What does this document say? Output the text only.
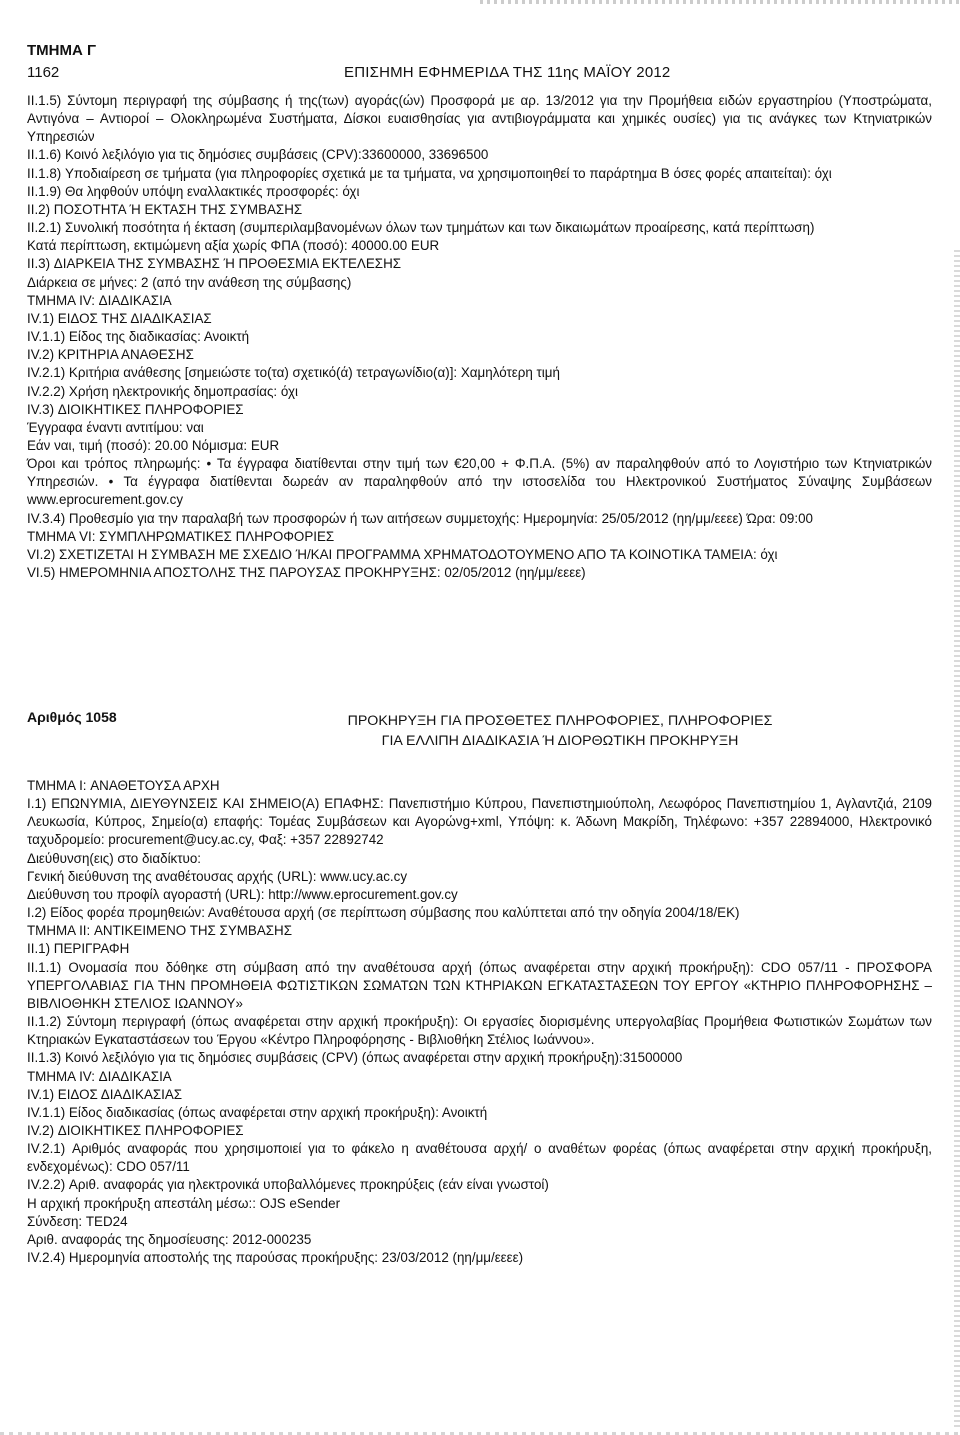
ΤΜΗΜΑ Γ
1162	ΕΠΙΣΗΜΗ ΕΦΗΜΕΡΙΔΑ ΤΗΣ 11ης ΜΑΪΟΥ 2012

II.1.5) Σύντομη περιγραφή της σύμβασης ή της(των) αγοράς(ών) Προσφορά με αρ. 13/2012 για την Προμήθεια ειδών εργαστηρίου (Υποστρώματα, Αντιγόνα – Αντιοροί – Ολοκληρωμένα Συστήματα, Δίσκοι ευαισθησίας για αντιβιογράμματα και χημικές ουσίες) για τις ανάγκες των Κτηνιατρικών Υπηρεσιών

II.1.6) Κοινό λεξιλόγιο για τις δημόσιες συμβάσεις (CPV):33600000, 33696500

II.1.8) Υποδιαίρεση σε τμήματα (για πληροφορίες σχετικά με τα τμήματα, να χρησιμοποιηθεί το παράρτημα Β όσες φορές απαιτείται): όχι

II.1.9) Θα ληφθούν υπόψη εναλλακτικές προσφορές: όχι

II.2) ΠΟΣΟΤΗΤΑ Ή ΕΚΤΑΣΗ ΤΗΣ ΣΥΜΒΑΣΗΣ

II.2.1) Συνολική ποσότητα ή έκταση (συμπεριλαμβανομένων όλων των τμημάτων και των δικαιωμάτων προαίρεσης, κατά περίπτωση)

Κατά περίπτωση, εκτιμώμενη αξία χωρίς ΦΠΑ (ποσό): 40000.00 EUR

II.3) ΔΙΑΡΚΕΙΑ ΤΗΣ ΣΥΜΒΑΣΗΣ Ή ΠΡΟΘΕΣΜΙΑ ΕΚΤΕΛΕΣΗΣ

Διάρκεια σε μήνες: 2 (από την ανάθεση της σύμβασης)

ΤΜΗΜΑ IV: ΔΙΑΔΙΚΑΣΙΑ

IV.1) ΕΙΔΟΣ ΤΗΣ ΔΙΑΔΙΚΑΣΙΑΣ

IV.1.1) Είδος της διαδικασίας: Ανοικτή

IV.2) ΚΡΙΤΗΡΙΑ ΑΝΑΘΕΣΗΣ

IV.2.1) Κριτήρια ανάθεσης [σημειώστε το(τα) σχετικό(ά) τετραγωνίδιο(α)]: Χαμηλότερη τιμή

IV.2.2) Χρήση ηλεκτρονικής δημοπρασίας: όχι

IV.3) ΔΙΟΙΚΗΤΙΚΕΣ ΠΛΗΡΟΦΟΡΙΕΣ

Έγγραφα έναντι αντιτίμου: ναι

Εάν ναι, τιμή (ποσό): 20.00 Νόμισμα: EUR

Όροι και τρόπος πληρωμής: • Τα έγγραφα διατίθενται στην τιμή των €20,00 + Φ.Π.Α. (5%) αν παραληφθούν από το Λογιστήριο των Κτηνιατρικών Υπηρεσιών. • Τα έγγραφα διατίθενται δωρεάν αν παραληφθούν από την ιστοσελίδα του Ηλεκτρονικού Συστήματος Σύναψης Συμβάσεων www.eprocurement.gov.cy

IV.3.4) Προθεσμίο για την παραλαβή των προσφορών ή των αιτήσεων συμμετοχής: Ημερομηνία: 25/05/2012 (ηη/μμ/εεεε) Ώρα: 09:00

ΤΜΗΜΑ VI: ΣΥΜΠΛΗΡΩΜΑΤΙΚΕΣ ΠΛΗΡΟΦΟΡΙΕΣ

VI.2) ΣΧΕΤΙΖΕΤΑΙ Η ΣΥΜΒΑΣΗ ΜΕ ΣΧΕΔΙΟ Ή/ΚΑΙ ΠΡΟΓΡΑΜΜΑ ΧΡΗΜΑΤΟΔΟΤΟΥΜΕΝΟ ΑΠΟ ΤΑ ΚΟΙΝΟΤΙΚΑ ΤΑΜΕΙΑ: όχι

VI.5) ΗΜΕΡΟΜΗΝΙΑ ΑΠΟΣΤΟΛΗΣ ΤΗΣ ΠΑΡΟΥΣΑΣ ΠΡΟΚΗΡΥΞΗΣ: 02/05/2012 (ηη/μμ/εεεε)

Αριθμός 1058	ΠΡΟΚΗΡΥΞΗ ΓΙΑ ΠΡΟΣΘΕΤΕΣ ΠΛΗΡΟΦΟΡΙΕΣ, ΠΛΗΡΟΦΟΡΙΕΣ
ΓΙΑ ΕΛΛΙΠΗ ΔΙΑΔΙΚΑΣΙΑ Ή ΔΙΟΡΘΩΤΙΚΗ ΠΡΟΚΗΡΥΞΗ

ΤΜΗΜΑ I: ΑΝΑΘΕΤΟΥΣΑ ΑΡΧΗ

I.1) ΕΠΩΝΥΜΙΑ, ΔΙΕΥΘΥΝΣΕΙΣ ΚΑΙ ΣΗΜΕΙΟ(Α) ΕΠΑΦΗΣ: Πανεπιστήμιο Κύπρου, Πανεπιστημιούπολη, Λεωφόρος Πανεπιστημίου 1, Αγλαντζιά, 2109 Λευκωσία, Κύπρος, Σημείο(α) επαφής: Τομέας Συμβάσεων και Αγορώνg+xml, Υπόψη: κ. Άδωνη Μακρίδη, Τηλέφωνο: +357 22894000, Ηλεκτρονικό ταχυδρομείο: procurement@ucy.ac.cy, Φαξ: +357 22892742

Διεύθυνση(εις) στο διαδίκτυο:

Γενική διεύθυνση της αναθέτουσας αρχής (URL): www.ucy.ac.cy

Διεύθυνση του προφίλ αγοραστή (URL): http://www.eprocurement.gov.cy

I.2) Είδος φορέα προμηθειών: Αναθέτουσα αρχή (σε περίπτωση σύμβασης που καλύπτεται από την οδηγία 2004/18/ΕΚ)

ΤΜΗΜΑ II: ΑΝΤΙΚΕΙΜΕΝΟ ΤΗΣ ΣΥΜΒΑΣΗΣ

II.1) ΠΕΡΙΓΡΑΦΗ

II.1.1) Ονομασία που δόθηκε στη σύμβαση από την αναθέτουσα αρχή (όπως αναφέρεται στην αρχική προκήρυξη): CDO 057/11 - ΠΡΟΣΦΟΡΑ ΥΠΕΡΓΟΛΑΒΙΑΣ ΓΙΑ ΤΗΝ ΠΡΟΜΗΘΕΙΑ ΦΩΤΙΣΤΙΚΩΝ ΣΩΜΑΤΩΝ ΤΩΝ ΚΤΗΡΙΑΚΩΝ ΕΓΚΑΤΑΣΤΑΣΕΩΝ ΤΟΥ ΕΡΓΟΥ «ΚΤΗΡΙΟ ΠΛΗΡΟΦΟΡΗΣΗΣ – ΒΙΒΛΙΟΘΗΚΗ ΣΤΕΛΙΟΣ ΙΩΑΝΝΟΥ»

II.1.2) Σύντομη περιγραφή (όπως αναφέρεται στην αρχική προκήρυξη): Οι εργασίες διορισμένης υπεργολαβίας Προμήθεια Φωτιστικών Σωμάτων των Κτηριακών Εγκαταστάσεων του Έργου «Κέντρο Πληροφόρησης - Βιβλιοθήκη Στέλιος Ιωάννου».

II.1.3) Κοινό λεξιλόγιο για τις δημόσιες συμβάσεις (CPV) (όπως αναφέρεται στην αρχική προκήρυξη):31500000

ΤΜΗΜΑ IV: ΔΙΑΔΙΚΑΣΙΑ

IV.1) ΕΙΔΟΣ ΔΙΑΔΙΚΑΣΙΑΣ

IV.1.1) Είδος διαδικασίας (όπως αναφέρεται στην αρχική προκήρυξη): Ανοικτή

IV.2) ΔΙΟΙΚΗΤΙΚΕΣ ΠΛΗΡΟΦΟΡΙΕΣ

IV.2.1) Αριθμός αναφοράς που χρησιμοποιεί για το φάκελο η αναθέτουσα αρχή/ ο αναθέτων φορέας (όπως αναφέρεται στην αρχική προκήρυξη, ενδεχομένως): CDO 057/11

IV.2.2) Αριθ. αναφοράς για ηλεκτρονικά υποβαλλόμενες προκηρύξεις (εάν είναι γνωστοί)

Η αρχική προκήρυξη απεστάλη μέσω:: OJS eSender

Σύνδεση: TED24

Αριθ. αναφοράς της δημοσίευσης: 2012-000235

IV.2.4) Ημερομηνία αποστολής της παρούσας προκήρυξης: 23/03/2012 (ηη/μμ/εεεε)
